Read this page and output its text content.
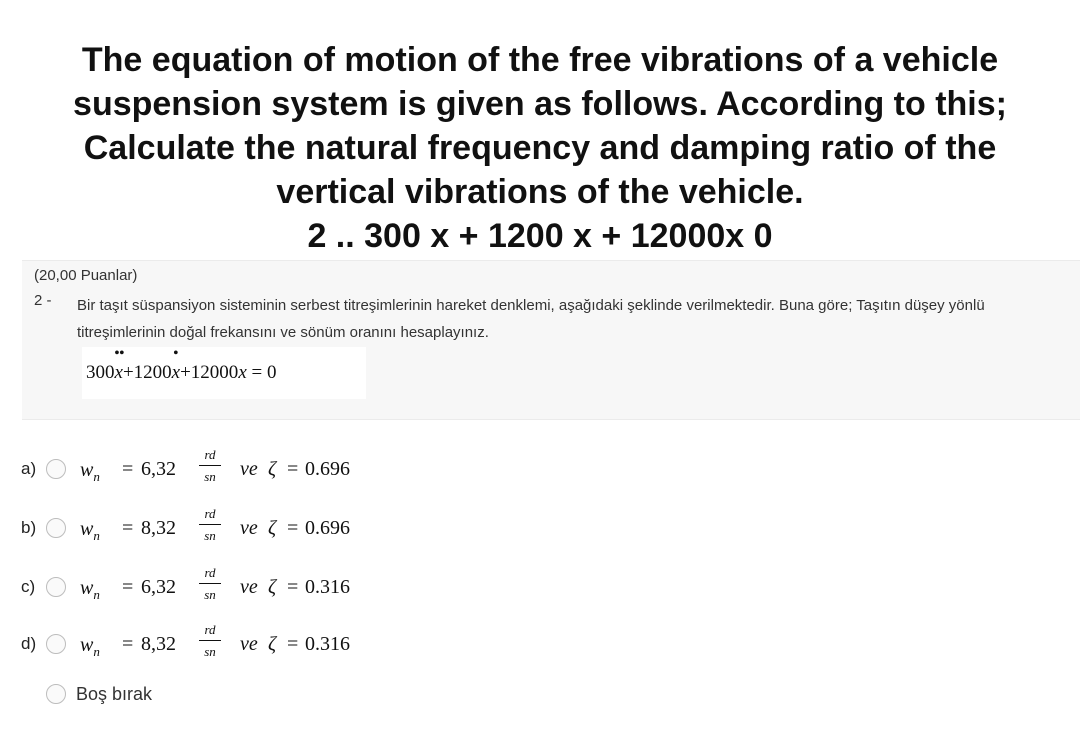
The equation of motion of the free vibrations of a vehicle
suspension system is given as follows. According to this;
Calculate the natural frequency and damping ratio of the
vertical vibrations of the vehicle.
2 .. 300 x + 1200 x + 12000x 0
(20,00 Puanlar)
2 - Bir taşıt süspansiyon sisteminin serbest titreşimlerinin hareket denklemi, aşağıdaki şeklinde verilmektedir. Buna göre; Taşıtın düşey yönlü titreşimlerinin doğal frekansını ve sönüm oranını hesaplayınız.
300
••
x+1200
•
x+12000x = 0
a) $w_n = 6,32$
rd
sn ve ζ = 0.696
b) $w_n = 8,32$
rd
sn ve ζ = 0.696
c) $w_n = 6,32$
rd
sn ve ζ = 0.316
d) $w_n = 8,32$
rd
sn ve ζ = 0.316
Boş bırak
